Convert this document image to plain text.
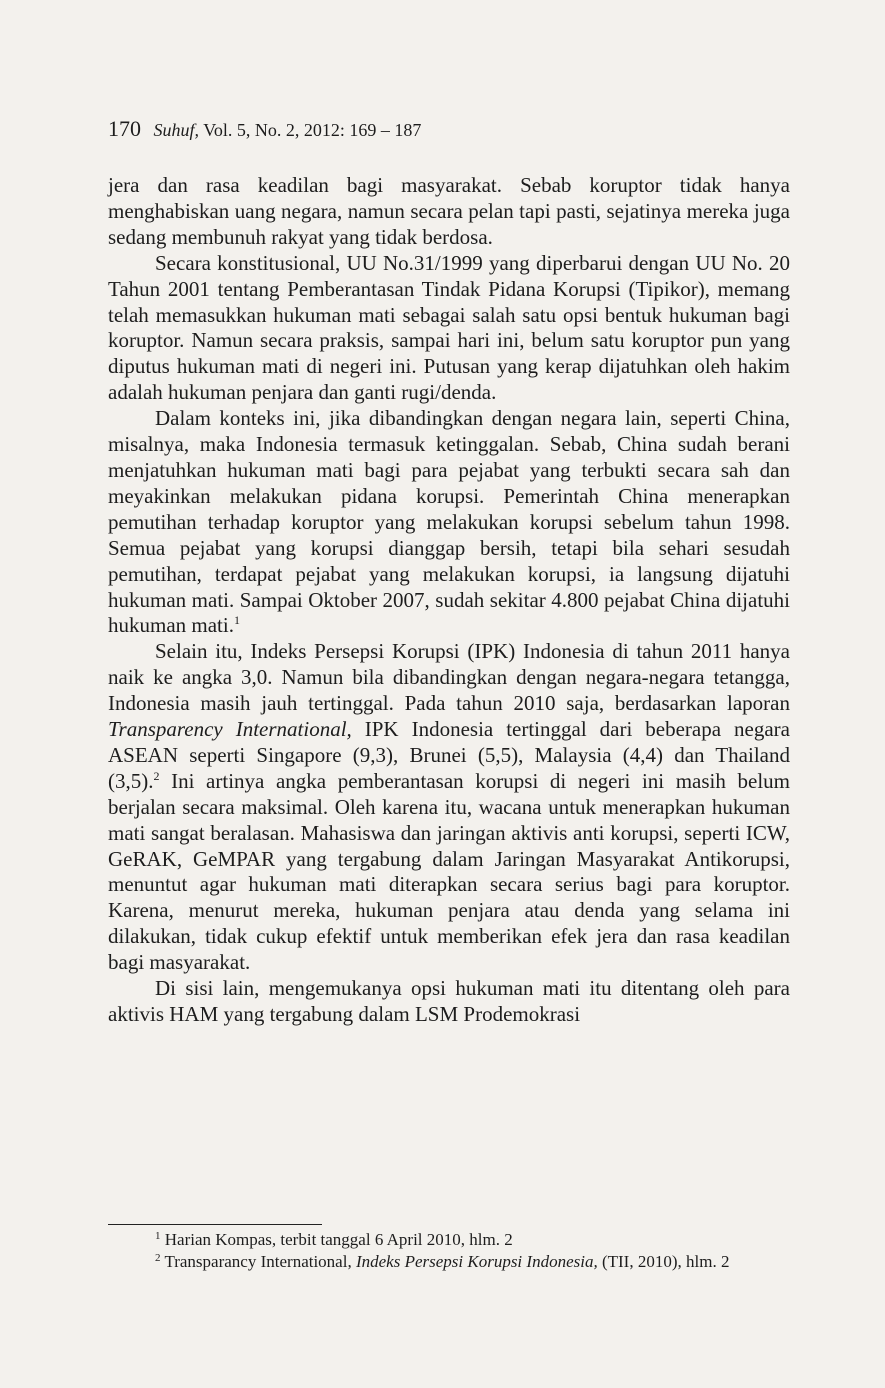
170 Suhuf, Vol. 5, No. 2, 2012: 169 – 187

jera dan rasa keadilan bagi masyarakat. Sebab koruptor tidak hanya menghabiskan uang negara, namun secara pelan tapi pasti, sejatinya mereka juga sedang membunuh rakyat yang tidak berdosa.

Secara konstitusional, UU No.31/1999 yang diperbarui dengan UU No. 20 Tahun 2001 tentang Pemberantasan Tindak Pidana Korupsi (Tipikor), memang telah memasukkan hukuman mati sebagai salah satu opsi bentuk hukuman bagi koruptor. Namun secara praksis, sampai hari ini, belum satu koruptor pun yang diputus hukuman mati di negeri ini. Putusan yang kerap dijatuhkan oleh hakim adalah hukuman penjara dan ganti rugi/denda.

Dalam konteks ini, jika dibandingkan dengan negara lain, seperti China, misalnya, maka Indonesia termasuk ketinggalan. Sebab, China sudah berani menjatuhkan hukuman mati bagi para pejabat yang terbukti secara sah dan meyakinkan melakukan pidana korupsi. Pemerintah China menerapkan pemutihan terhadap koruptor yang melakukan korupsi sebelum tahun 1998. Semua pejabat yang korupsi dianggap bersih, tetapi bila sehari sesudah pemutihan, terdapat pejabat yang melakukan korupsi, ia langsung dijatuhi hukuman mati. Sampai Oktober 2007, sudah sekitar 4.800 pejabat China dijatuhi hukuman mati.$^1$

Selain itu, Indeks Persepsi Korupsi (IPK) Indonesia di tahun 2011 hanya naik ke angka 3,0. Namun bila dibandingkan dengan negara-negara tetangga, Indonesia masih jauh tertinggal. Pada tahun 2010 saja, berdasarkan laporan Transparency International, IPK Indonesia tertinggal dari beberapa negara ASEAN seperti Singapore (9,3), Brunei (5,5), Malaysia (4,4) dan Thailand (3,5).$^2$ Ini artinya angka pemberantasan korupsi di negeri ini masih belum berjalan secara maksimal. Oleh karena itu, wacana untuk menerapkan hukuman mati sangat beralasan. Mahasiswa dan jaringan aktivis anti korupsi, seperti ICW, GeRAK, GeMPAR yang tergabung dalam Jaringan Masyarakat Antikorupsi, menuntut agar hukuman mati diterapkan secara serius bagi para koruptor. Karena, menurut mereka, hukuman penjara atau denda yang selama ini dilakukan, tidak cukup efektif untuk memberikan efek jera dan rasa keadilan bagi masyarakat.

Di sisi lain, mengemukanya opsi hukuman mati itu ditentang oleh para aktivis HAM yang tergabung dalam LSM Prodemokrasi

$^1$ Harian Kompas, terbit tanggal 6 April 2010, hlm. 2

$^2$ Transparancy International, Indeks Persepsi Korupsi Indonesia, (TII, 2010), hlm. 2
